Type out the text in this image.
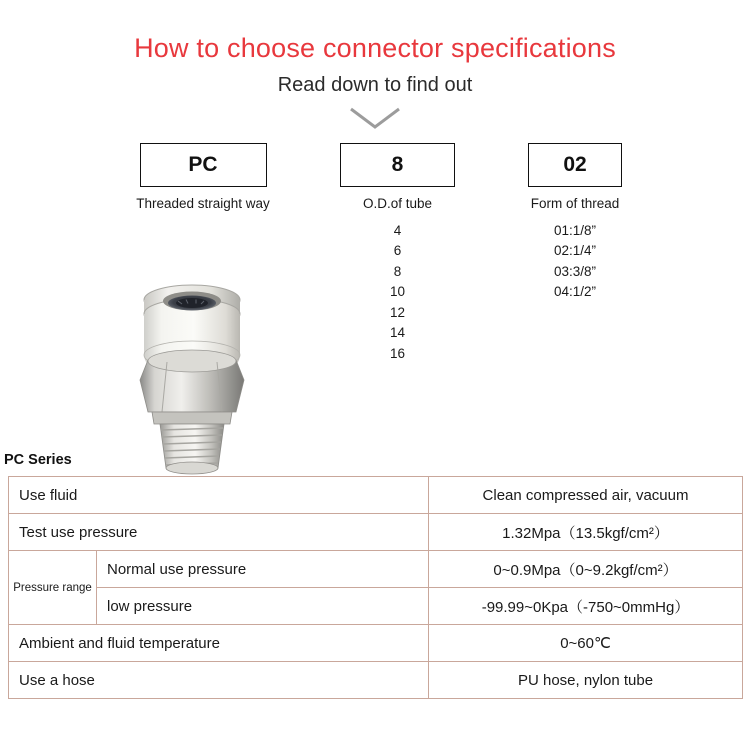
How to choose connector specifications

Read down to find out

PC
Threaded straight way
8
O.D.of tube
4
6
8
10
12
14
16
02
Form of thread
01:1/8”
02:1/4”
03:3/8”
04:1/2”
PC Series
Use fluid		Clean compressed air, vacuum
Test use pressure		1.32Mpa（13.5kgf/cm²）
Pressure range	Normal use pressure	0~0.9Mpa（0~9.2kgf/cm²）
	low pressure	-99.99~0Kpa（-750~0mmHg）
Ambient and fluid temperature		0~60℃
Use a hose		PU hose, nylon tube
